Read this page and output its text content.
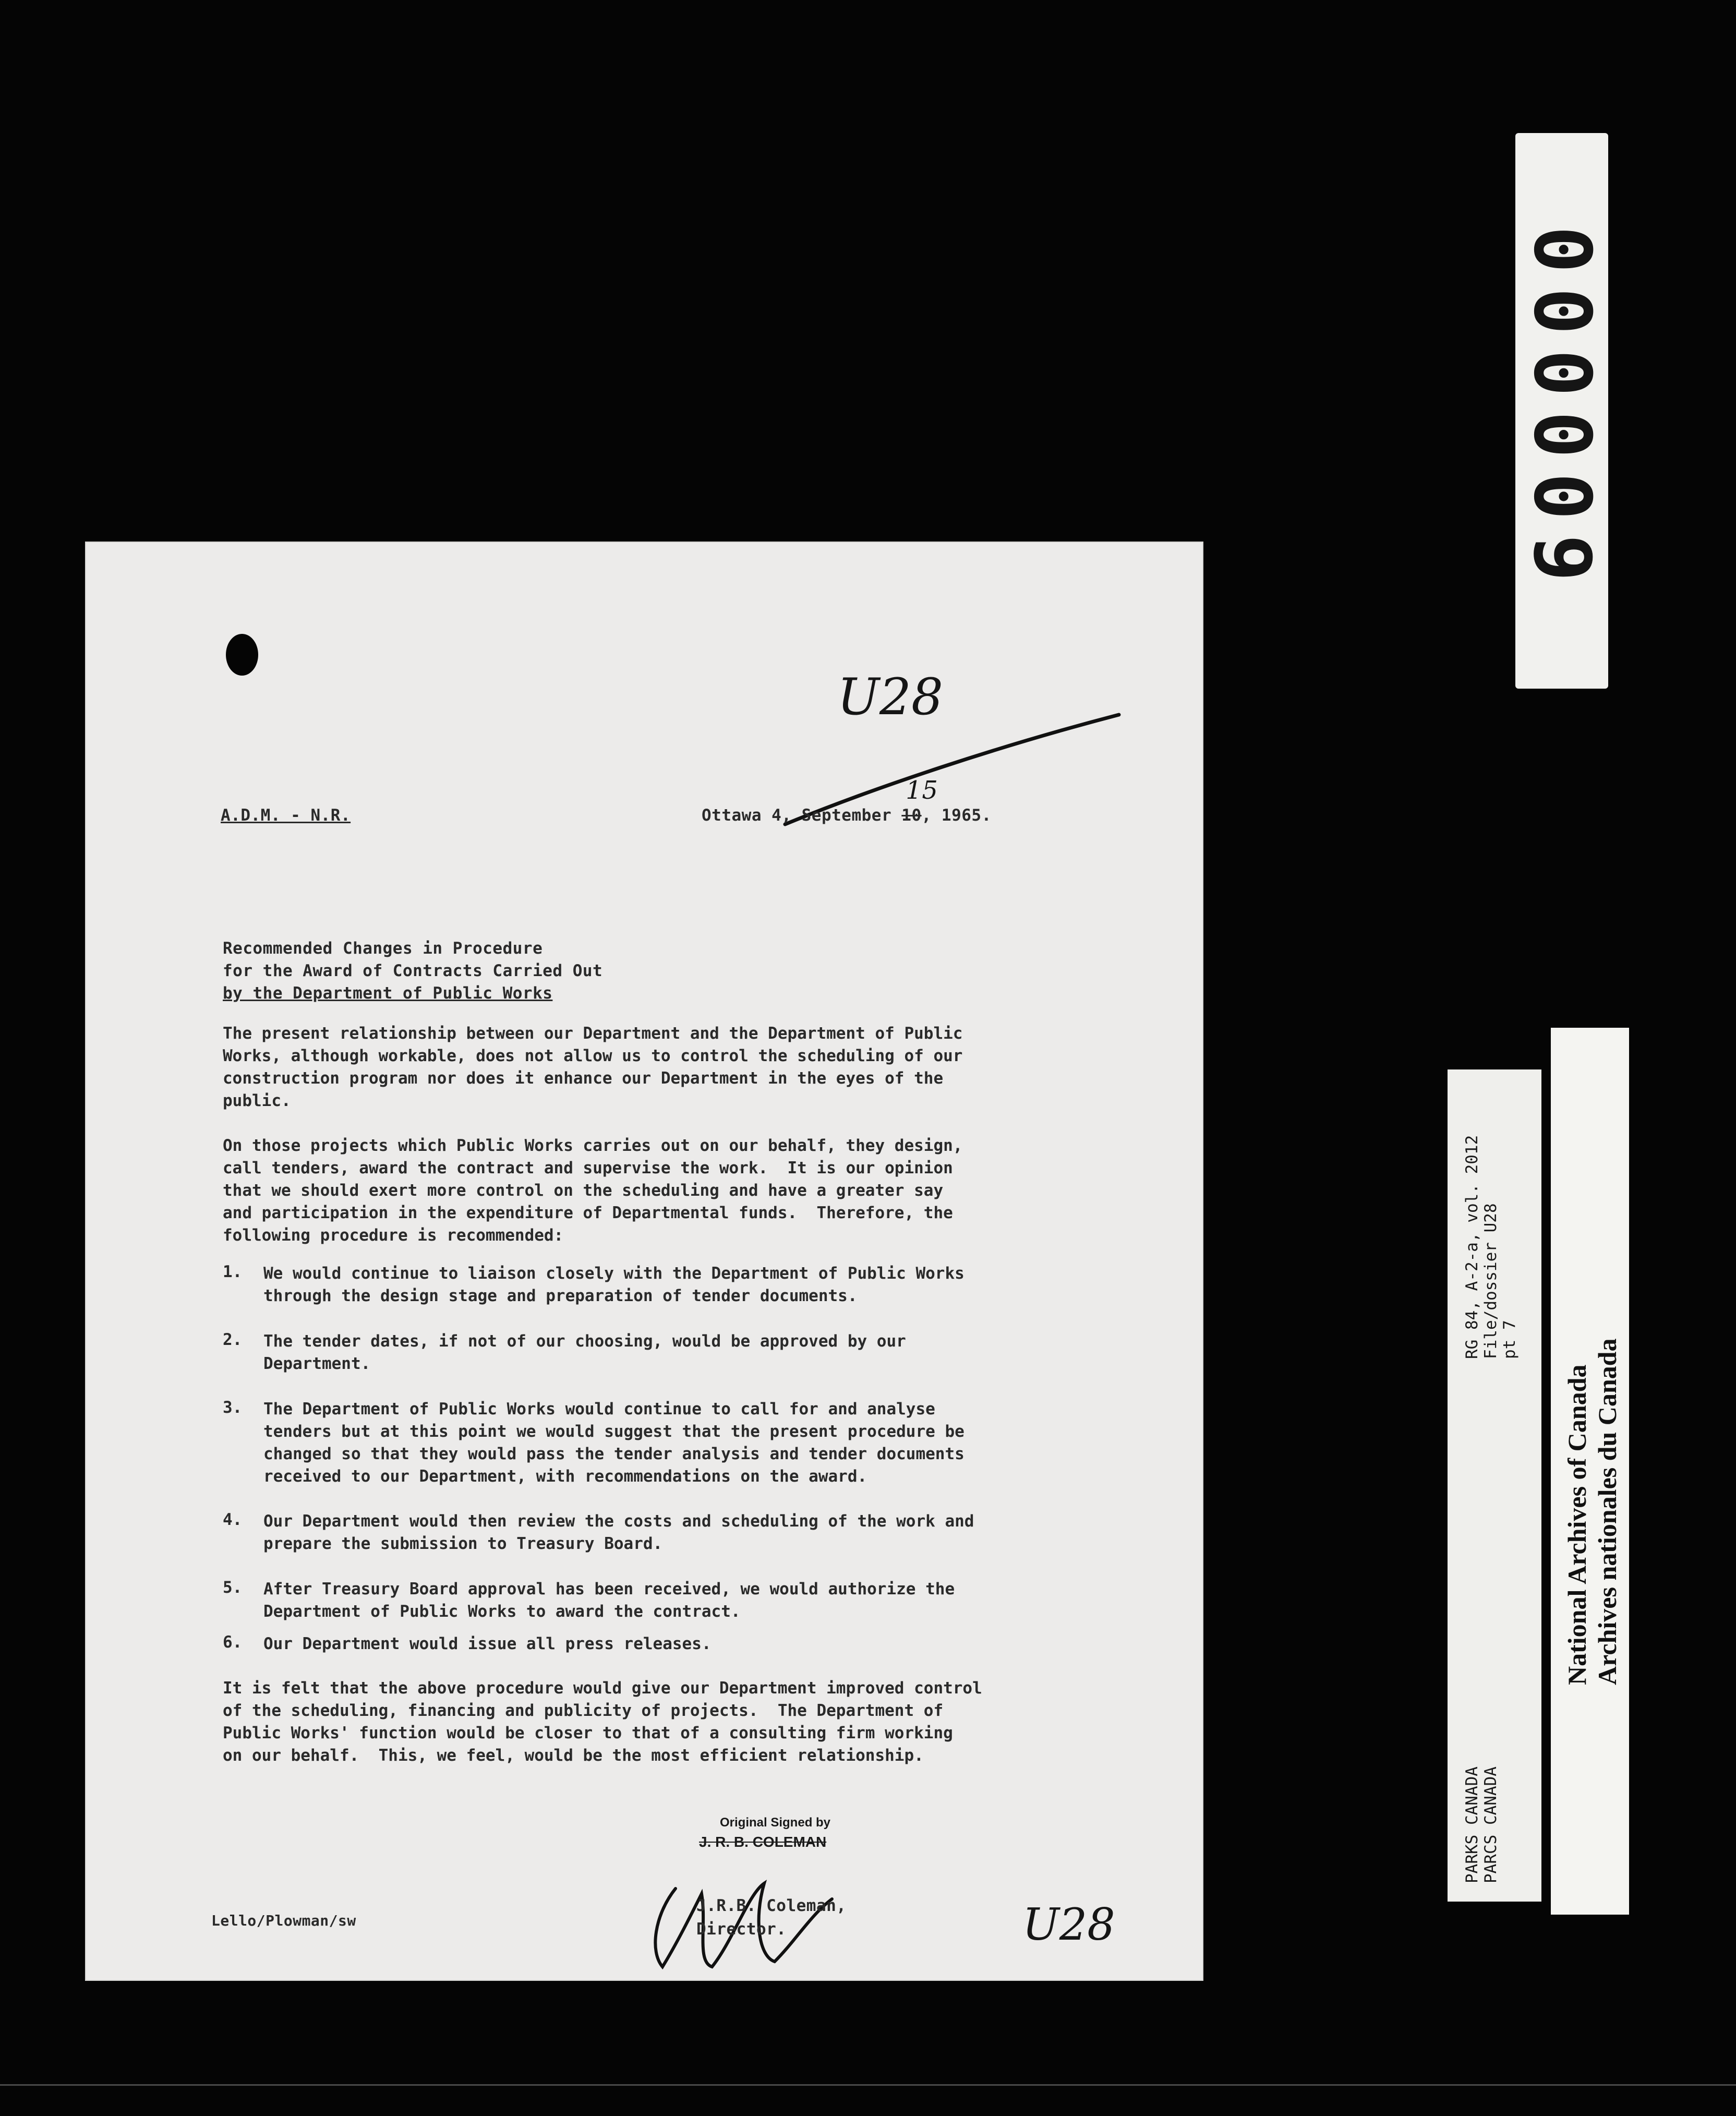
000009
RG 84, A-2-a, vol. 2012 File/dossier U28 pt 7
PARKS CANADA PARCS CANADA
National Archives of Canada Archives nationales du Canada
U28
A.D.M. - N.R.	Ottawa 4, September 10
15
, 1965.
Recommended Changes in Procedure
for the Award of Contracts Carried Out
by the Department of Public Works
The present relationship between our Department and the Department of Public
Works, although workable, does not allow us to control the scheduling of our
construction program nor does it enhance our Department in the eyes of the
public.
On those projects which Public Works carries out on our behalf, they design,
call tenders, award the contract and supervise the work.  It is our opinion
that we should exert more control on the scheduling and have a greater say
and participation in the expenditure of Departmental funds.  Therefore, the
following procedure is recommended:
1. We would continue to liaison closely with the Department of Public Works
through the design stage and preparation of tender documents.
2. The tender dates, if not of our choosing, would be approved by our
Department.
3. The Department of Public Works would continue to call for and analyse
tenders but at this point we would suggest that the present procedure be
changed so that they would pass the tender analysis and tender documents
received to our Department, with recommendations on the award.
4. Our Department would then review the costs and scheduling of the work and
prepare the submission to Treasury Board.
5. After Treasury Board approval has been received, we would authorize the
Department of Public Works to award the contract.
6. Our Department would issue all press releases.
It is felt that the above procedure would give our Department improved control
of the scheduling, financing and publicity of projects.  The Department of
Public Works' function would be closer to that of a consulting firm working
on our behalf.  This, we feel, would be the most efficient relationship.
Original Signed by
J. R. B. COLEMAN
J.R.B. Coleman,
Director.
Lello/Plowman/sw	U28
